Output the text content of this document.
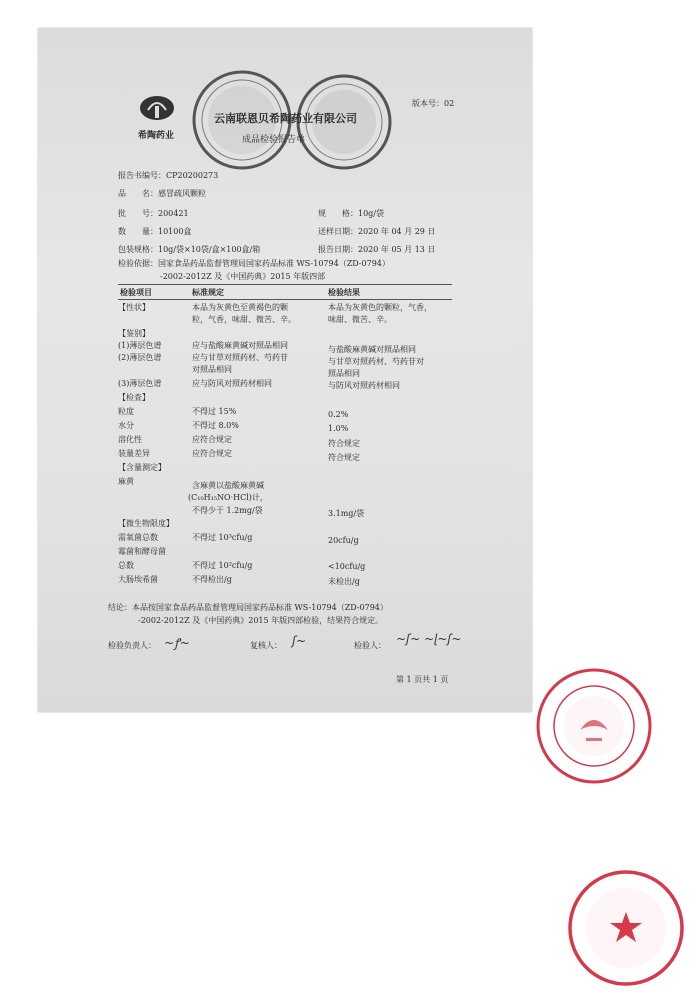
希陶药业
版本号：02
云南联恩贝希陶药业有限公司
成品检验报告单
报告书编号：CP20200273
品　　名：感冒疏风颗粒
批　　号：200421	规　　格：10g/袋
数　　量：10100盒	送样日期：2020 年 04 月 29 日
包装规格：10g/袋×10袋/盒×100盒/箱	报告日期：2020 年 05 月 13 日
检验依据：国家食品药品监督管理局国家药品标准 WS-10794（ZD-0794）
-2002-2012Z 及《中国药典》2015 年版四部
检验项目	标准规定	检验结果
【性状】	本品为灰黄色至黄褐色的颗	本品为灰黄色的颗粒，气香，
粒，气香，味甜、微苦、辛。	味甜、微苦、辛。
【鉴别】
(1)薄层色谱	应与盐酸麻黄碱对照品相同	与盐酸麻黄碱对照品相同
(2)薄层色谱	应与甘草对照药材、芍药苷	与甘草对照药材、芍药苷对
对照品相同	照品相同
(3)薄层色谱	应与防风对照药材相同	与防风对照药材相同
【检查】
粒度	不得过 15%	0.2%
水分	不得过 8.0%	1.0%
溶化性	应符合规定	符合规定
装量差异	应符合规定	符合规定
【含量测定】
麻黄	含麻黄以盐酸麻黄碱
(C₁₀H₁₅NO·HCl)计，
不得少于 1.2mg/袋	3.1mg/袋
【微生物限度】
需氧菌总数	不得过 10³cfu/g	20cfu/g
霉菌和酵母菌
总数	不得过 10²cfu/g	<10cfu/g
大肠埃希菌	不得检出/g	未检出/g
结论：本品按国家食品药品监督管理局国家药品标准 WS-10794（ZD-0794）
-2002-2012Z 及《中国药典》2015 年版四部检验，结果符合规定。
检验负责人： ~ꝭ~	复核人： ʃ~	检验人： ~ʃ~ ~ɭ~ʃ~
第 1 页共 1 页
